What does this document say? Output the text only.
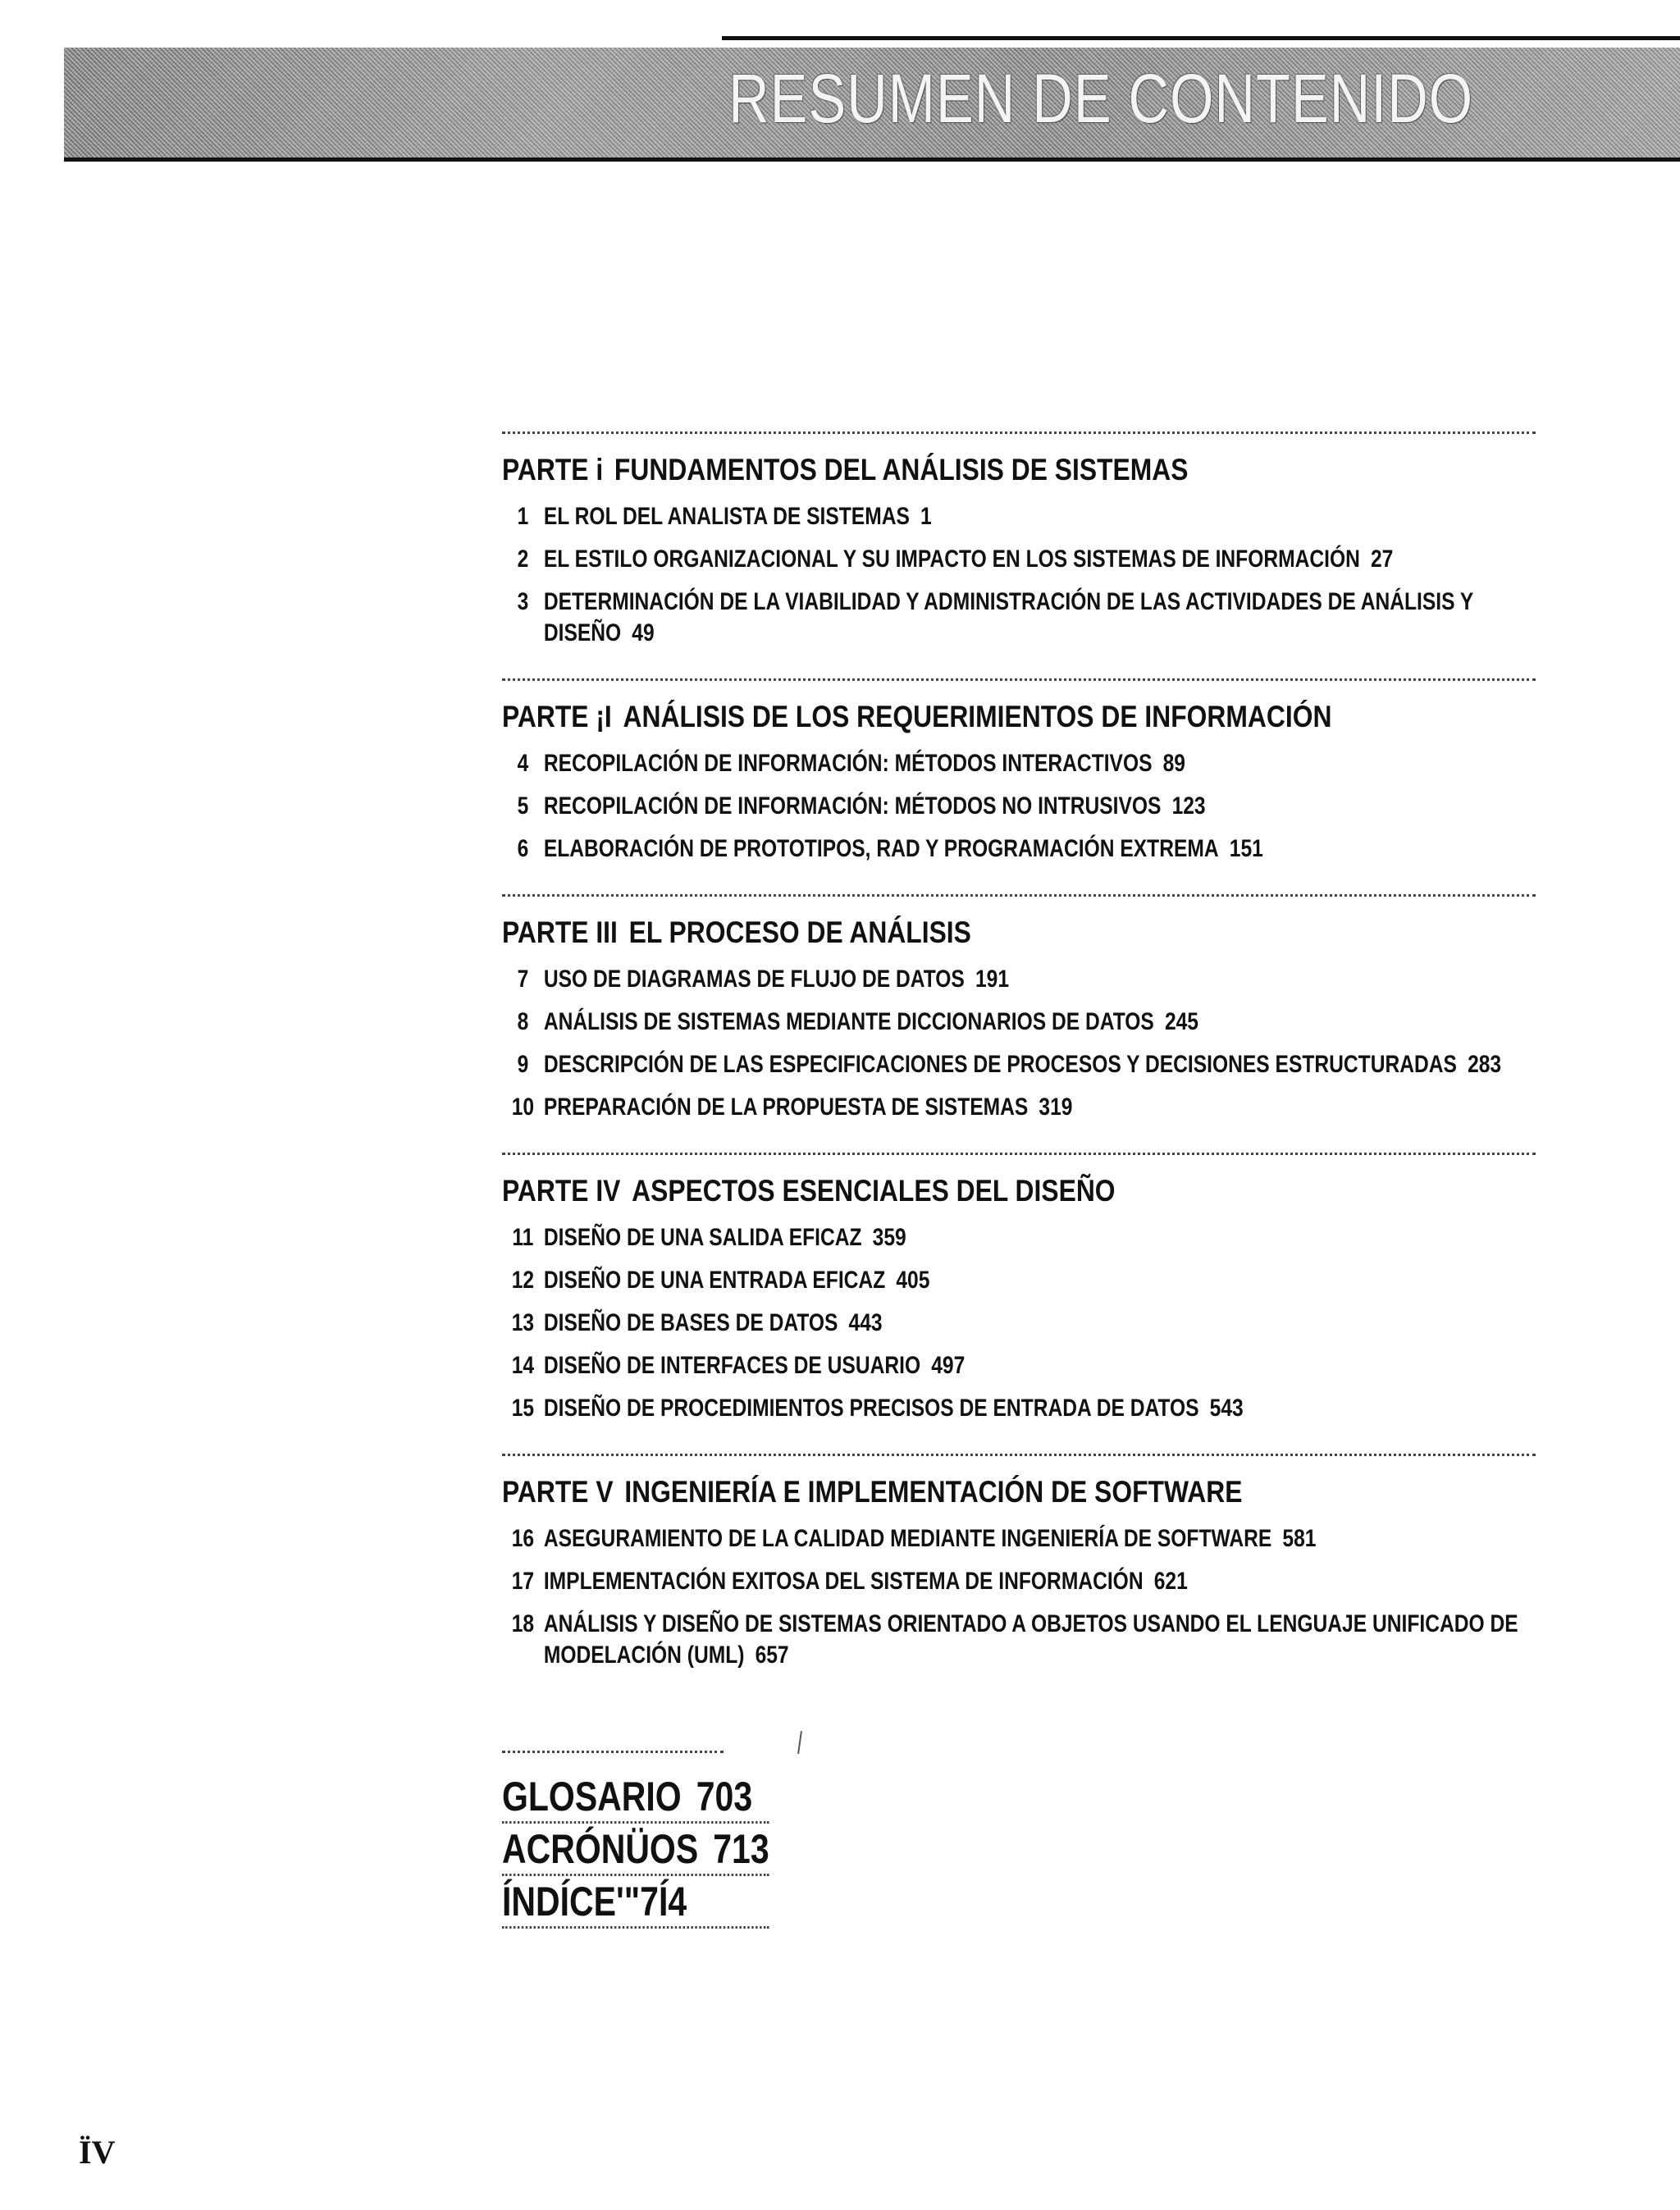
RESUMEN DE CONTENIDO
PARTE i FUNDAMENTOS DEL ANÁLISIS DE SISTEMAS
1 EL ROL DEL ANALISTA DE SISTEMAS 1
2 EL ESTILO ORGANIZACIONAL Y SU IMPACTO EN LOS SISTEMAS DE INFORMACIÓN 27
3 DETERMINACIÓN DE LA VIABILIDAD Y ADMINISTRACIÓN DE LAS ACTIVIDADES DE ANÁLISIS Y DISEÑO 49
PARTE ¡I ANÁLISIS DE LOS REQUERIMIENTOS DE INFORMACIÓN
4 RECOPILACIÓN DE INFORMACIÓN: MÉTODOS INTERACTIVOS 89
5 RECOPILACIÓN DE INFORMACIÓN: MÉTODOS NO INTRUSIVOS 123
6 ELABORACIÓN DE PROTOTIPOS, RAD Y PROGRAMACIÓN EXTREMA 151
PARTE III EL PROCESO DE ANÁLISIS
7 USO DE DIAGRAMAS DE FLUJO DE DATOS 191
8 ANÁLISIS DE SISTEMAS MEDIANTE DICCIONARIOS DE DATOS 245
9 DESCRIPCIÓN DE LAS ESPECIFICACIONES DE PROCESOS Y DECISIONES ESTRUCTURADAS 283
10 PREPARACIÓN DE LA PROPUESTA DE SISTEMAS 319
PARTE IV ASPECTOS ESENCIALES DEL DISEÑO
11 DISEÑO DE UNA SALIDA EFICAZ 359
12 DISEÑO DE UNA ENTRADA EFICAZ 405
13 DISEÑO DE BASES DE DATOS 443
14 DISEÑO DE INTERFACES DE USUARIO 497
15 DISEÑO DE PROCEDIMIENTOS PRECISOS DE ENTRADA DE DATOS 543
PARTE V INGENIERÍA E IMPLEMENTACIÓN DE SOFTWARE
16 ASEGURAMIENTO DE LA CALIDAD MEDIANTE INGENIERÍA DE SOFTWARE 581
17 IMPLEMENTACIÓN EXITOSA DEL SISTEMA DE INFORMACIÓN 621
18 ANÁLISIS Y DISEÑO DE SISTEMAS ORIENTADO A OBJETOS USANDO EL LENGUAJE UNIFICADO DE MODELACIÓN (UML) 657
GLOSARIO 703
ACRÓNÜOS 713
ÍNDÍCE'"7Í4
ÏV
